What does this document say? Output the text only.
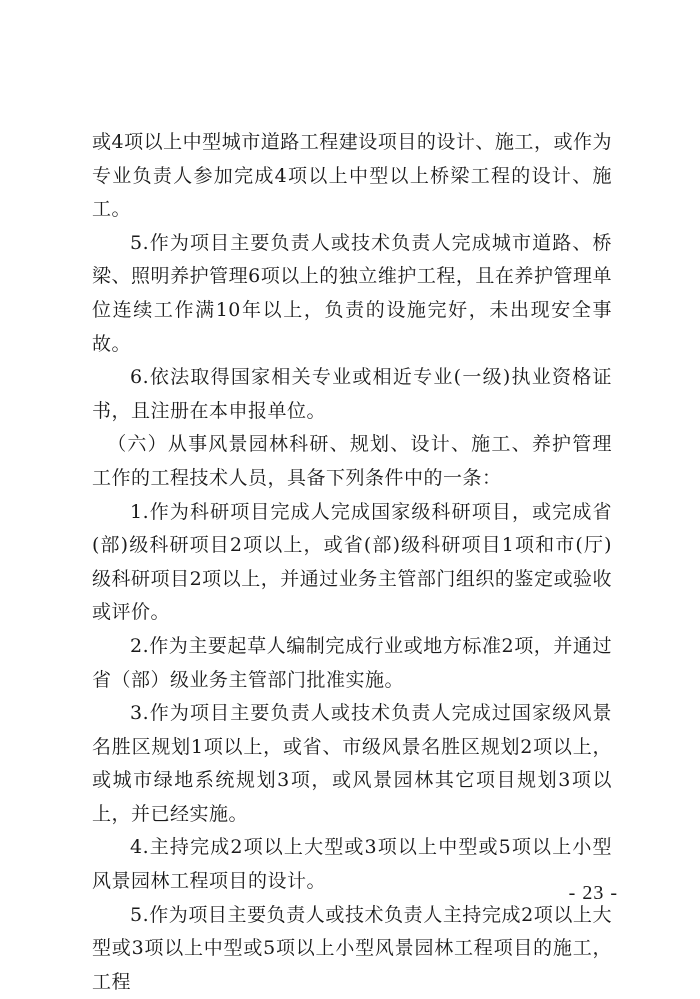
或4项以上中型城市道路工程建设项目的设计、施工，或作为专业负责人参加完成4项以上中型以上桥梁工程的设计、施工。

5.作为项目主要负责人或技术负责人完成城市道路、桥梁、照明养护管理6项以上的独立维护工程，且在养护管理单位连续工作满10年以上，负责的设施完好，未出现安全事故。

6.依法取得国家相关专业或相近专业(一级)执业资格证书，且注册在本申报单位。

（六）从事风景园林科研、规划、设计、施工、养护管理工作的工程技术人员，具备下列条件中的一条：

1.作为科研项目完成人完成国家级科研项目，或完成省(部)级科研项目2项以上，或省(部)级科研项目1项和市(厅)级科研项目2项以上，并通过业务主管部门组织的鉴定或验收或评价。

2.作为主要起草人编制完成行业或地方标准2项，并通过省（部）级业务主管部门批准实施。

3.作为项目主要负责人或技术负责人完成过国家级风景名胜区规划1项以上，或省、市级风景名胜区规划2项以上，或城市绿地系统规划3项，或风景园林其它项目规划3项以上，并已经实施。

4.主持完成2项以上大型或3项以上中型或5项以上小型风景园林工程项目的设计。

5.作为项目主要负责人或技术负责人主持完成2项以上大型或3项以上中型或5项以上小型风景园林工程项目的施工，工程

- 23 -
